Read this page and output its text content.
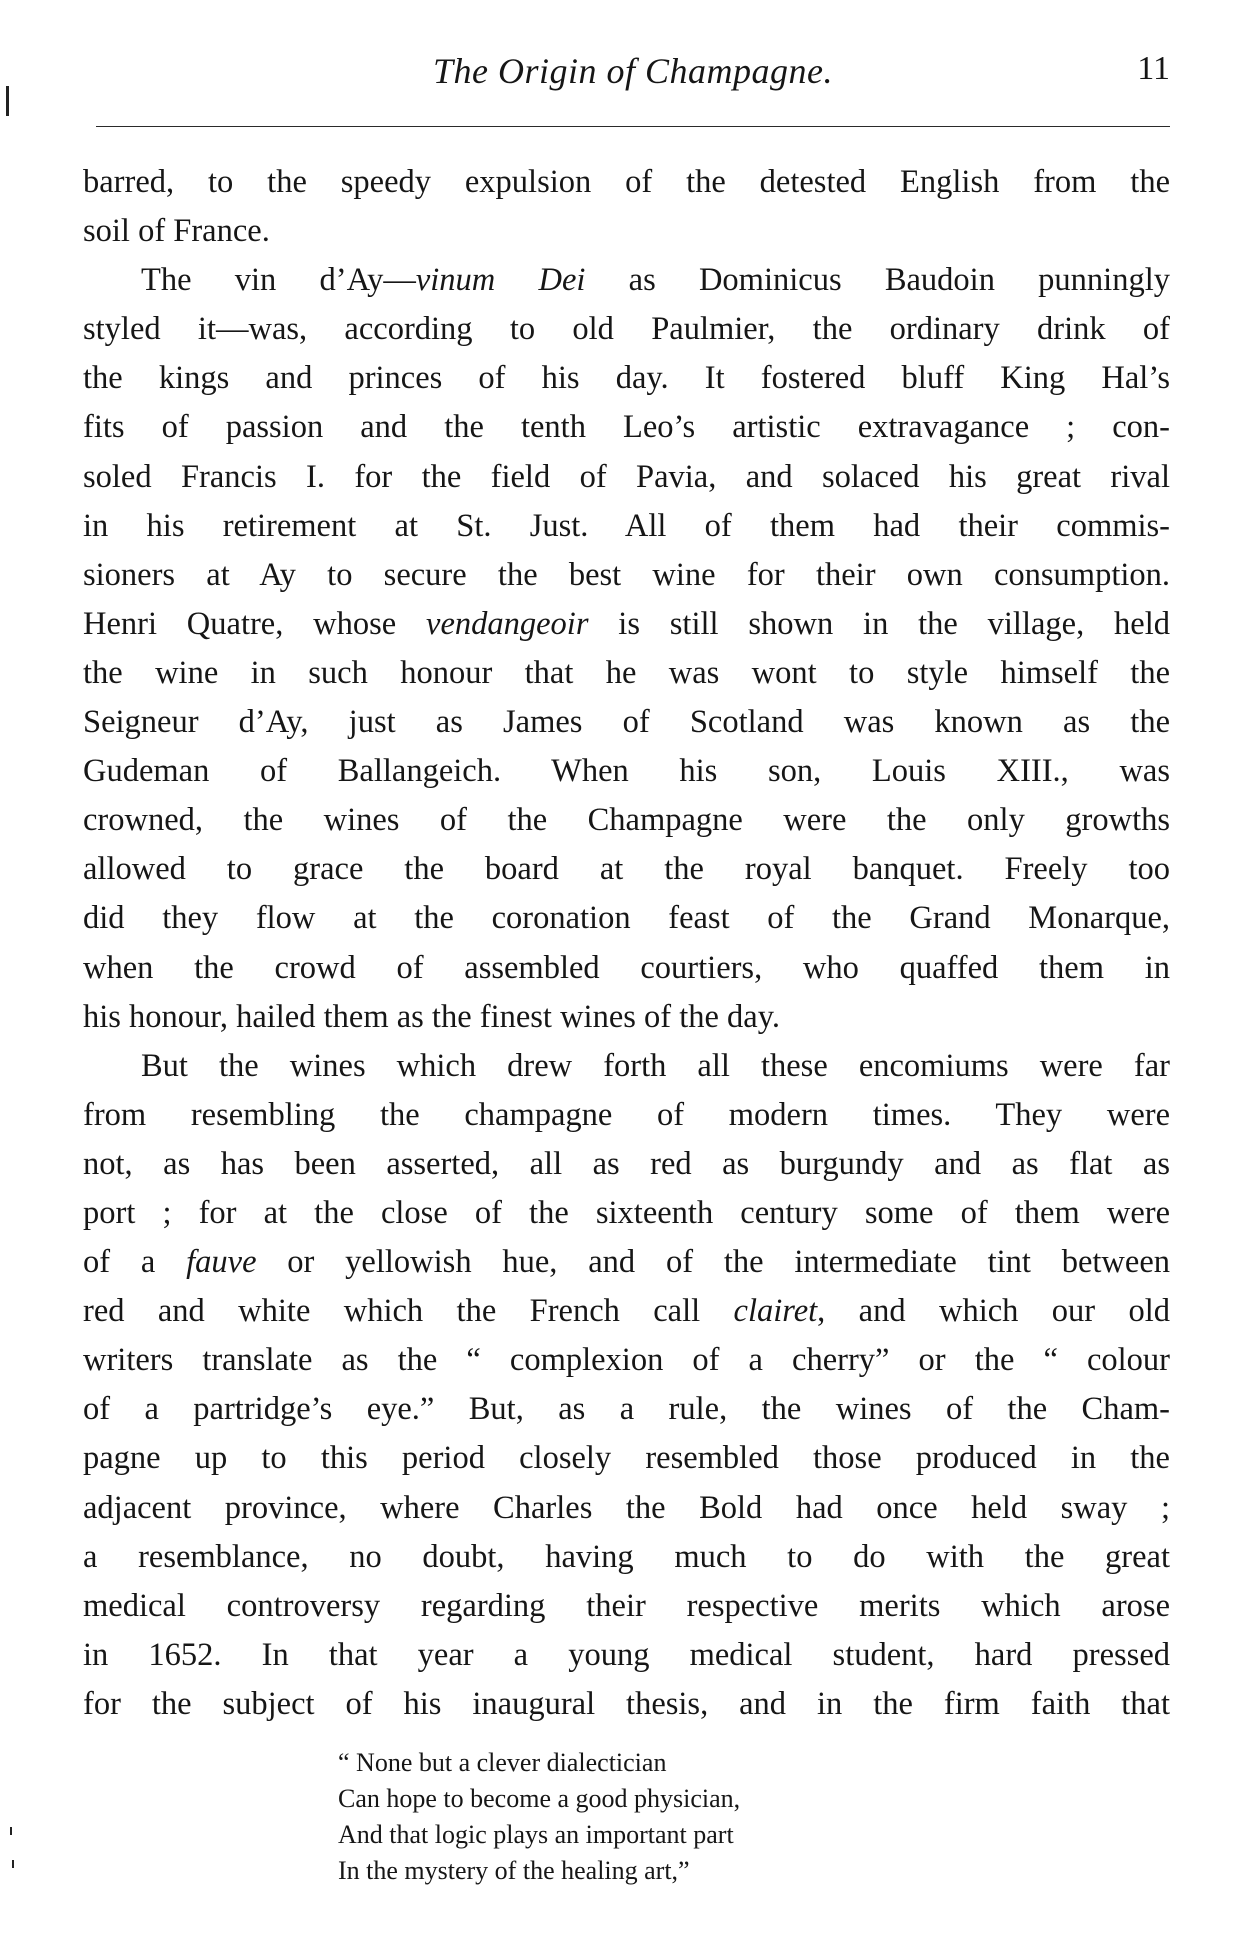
The Origin of Champagne.	11
barred, to the speedy expulsion of the detested English from the
soil of France.
The vin d’Ay—vinum Dei as Dominicus Baudoin punningly
styled it—was, according to old Paulmier, the ordinary drink of
the kings and princes of his day. It fostered bluff King Hal’s
fits of passion and the tenth Leo’s artistic extravagance ; con-
soled Francis I. for the field of Pavia, and solaced his great rival
in his retirement at St. Just. All of them had their commis-
sioners at Ay to secure the best wine for their own consumption.
Henri Quatre, whose vendangeoir is still shown in the village, held
the wine in such honour that he was wont to style himself the
Seigneur d’Ay, just as James of Scotland was known as the
Gudeman of Ballangeich. When his son, Louis XIII., was
crowned, the wines of the Champagne were the only growths
allowed to grace the board at the royal banquet. Freely too
did they flow at the coronation feast of the Grand Monarque,
when the crowd of assembled courtiers, who quaffed them in
his honour, hailed them as the finest wines of the day.
But the wines which drew forth all these encomiums were far
from resembling the champagne of modern times. They were
not, as has been asserted, all as red as burgundy and as flat as
port ; for at the close of the sixteenth century some of them were
of a fauve or yellowish hue, and of the intermediate tint between
red and white which the French call clairet, and which our old
writers translate as the “ complexion of a cherry” or the “ colour
of a partridge’s eye.” But, as a rule, the wines of the Cham-
pagne up to this period closely resembled those produced in the
adjacent province, where Charles the Bold had once held sway ;
a resemblance, no doubt, having much to do with the great
medical controversy regarding their respective merits which arose
in 1652. In that year a young medical student, hard pressed
for the subject of his inaugural thesis, and in the firm faith that
“ None but a clever dialectician
Can hope to become a good physician,
And that logic plays an important part
In the mystery of the healing art,”
